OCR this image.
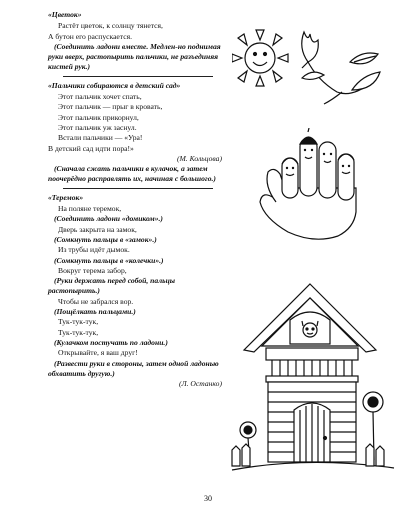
«Цветок»
Растёт цветок, к солнцу тянется,
А бутон его распускается.
(Соединить ладони вместе. Медлен-но поднимая руки вверх, растопырить пальчики, не разъединяя кистей рук.)
«Пальчики собираются в детский сад»
Этот пальчик хочет спать,
Этот пальчик — прыг в кровать,
Этот пальчик прикорнул,
Этот пальчик уж заснул.
Встали пальчики — «Ура!
В детский сад идти пора!»
(М. Кольцова)
(Сначала сжать пальчики в кулачок, а затем поочерёдно расправлять их, начиная с большого.)
«Теремок»
На поляне теремок,
(Соединить ладони «домиком».)
Дверь закрыта на замок,
(Сомкнуть пальцы в «замок».)
Из трубы идёт дымок.
(Сомкнуть пальцы в «колечки».)
Вокруг терема забор,
(Руки держать перед собой, пальцы растопырить.)
Чтобы не забрался вор.
(Пощёлкать пальцами.)
Тук-тук-тук,
Тук-тук-тук,
(Кулачком постучать по ладони.)
Открывайте, я ваш друг!
(Развести руки в стороны, затем одной ладонью обхватить другую.)
(Л. Останко)
30
